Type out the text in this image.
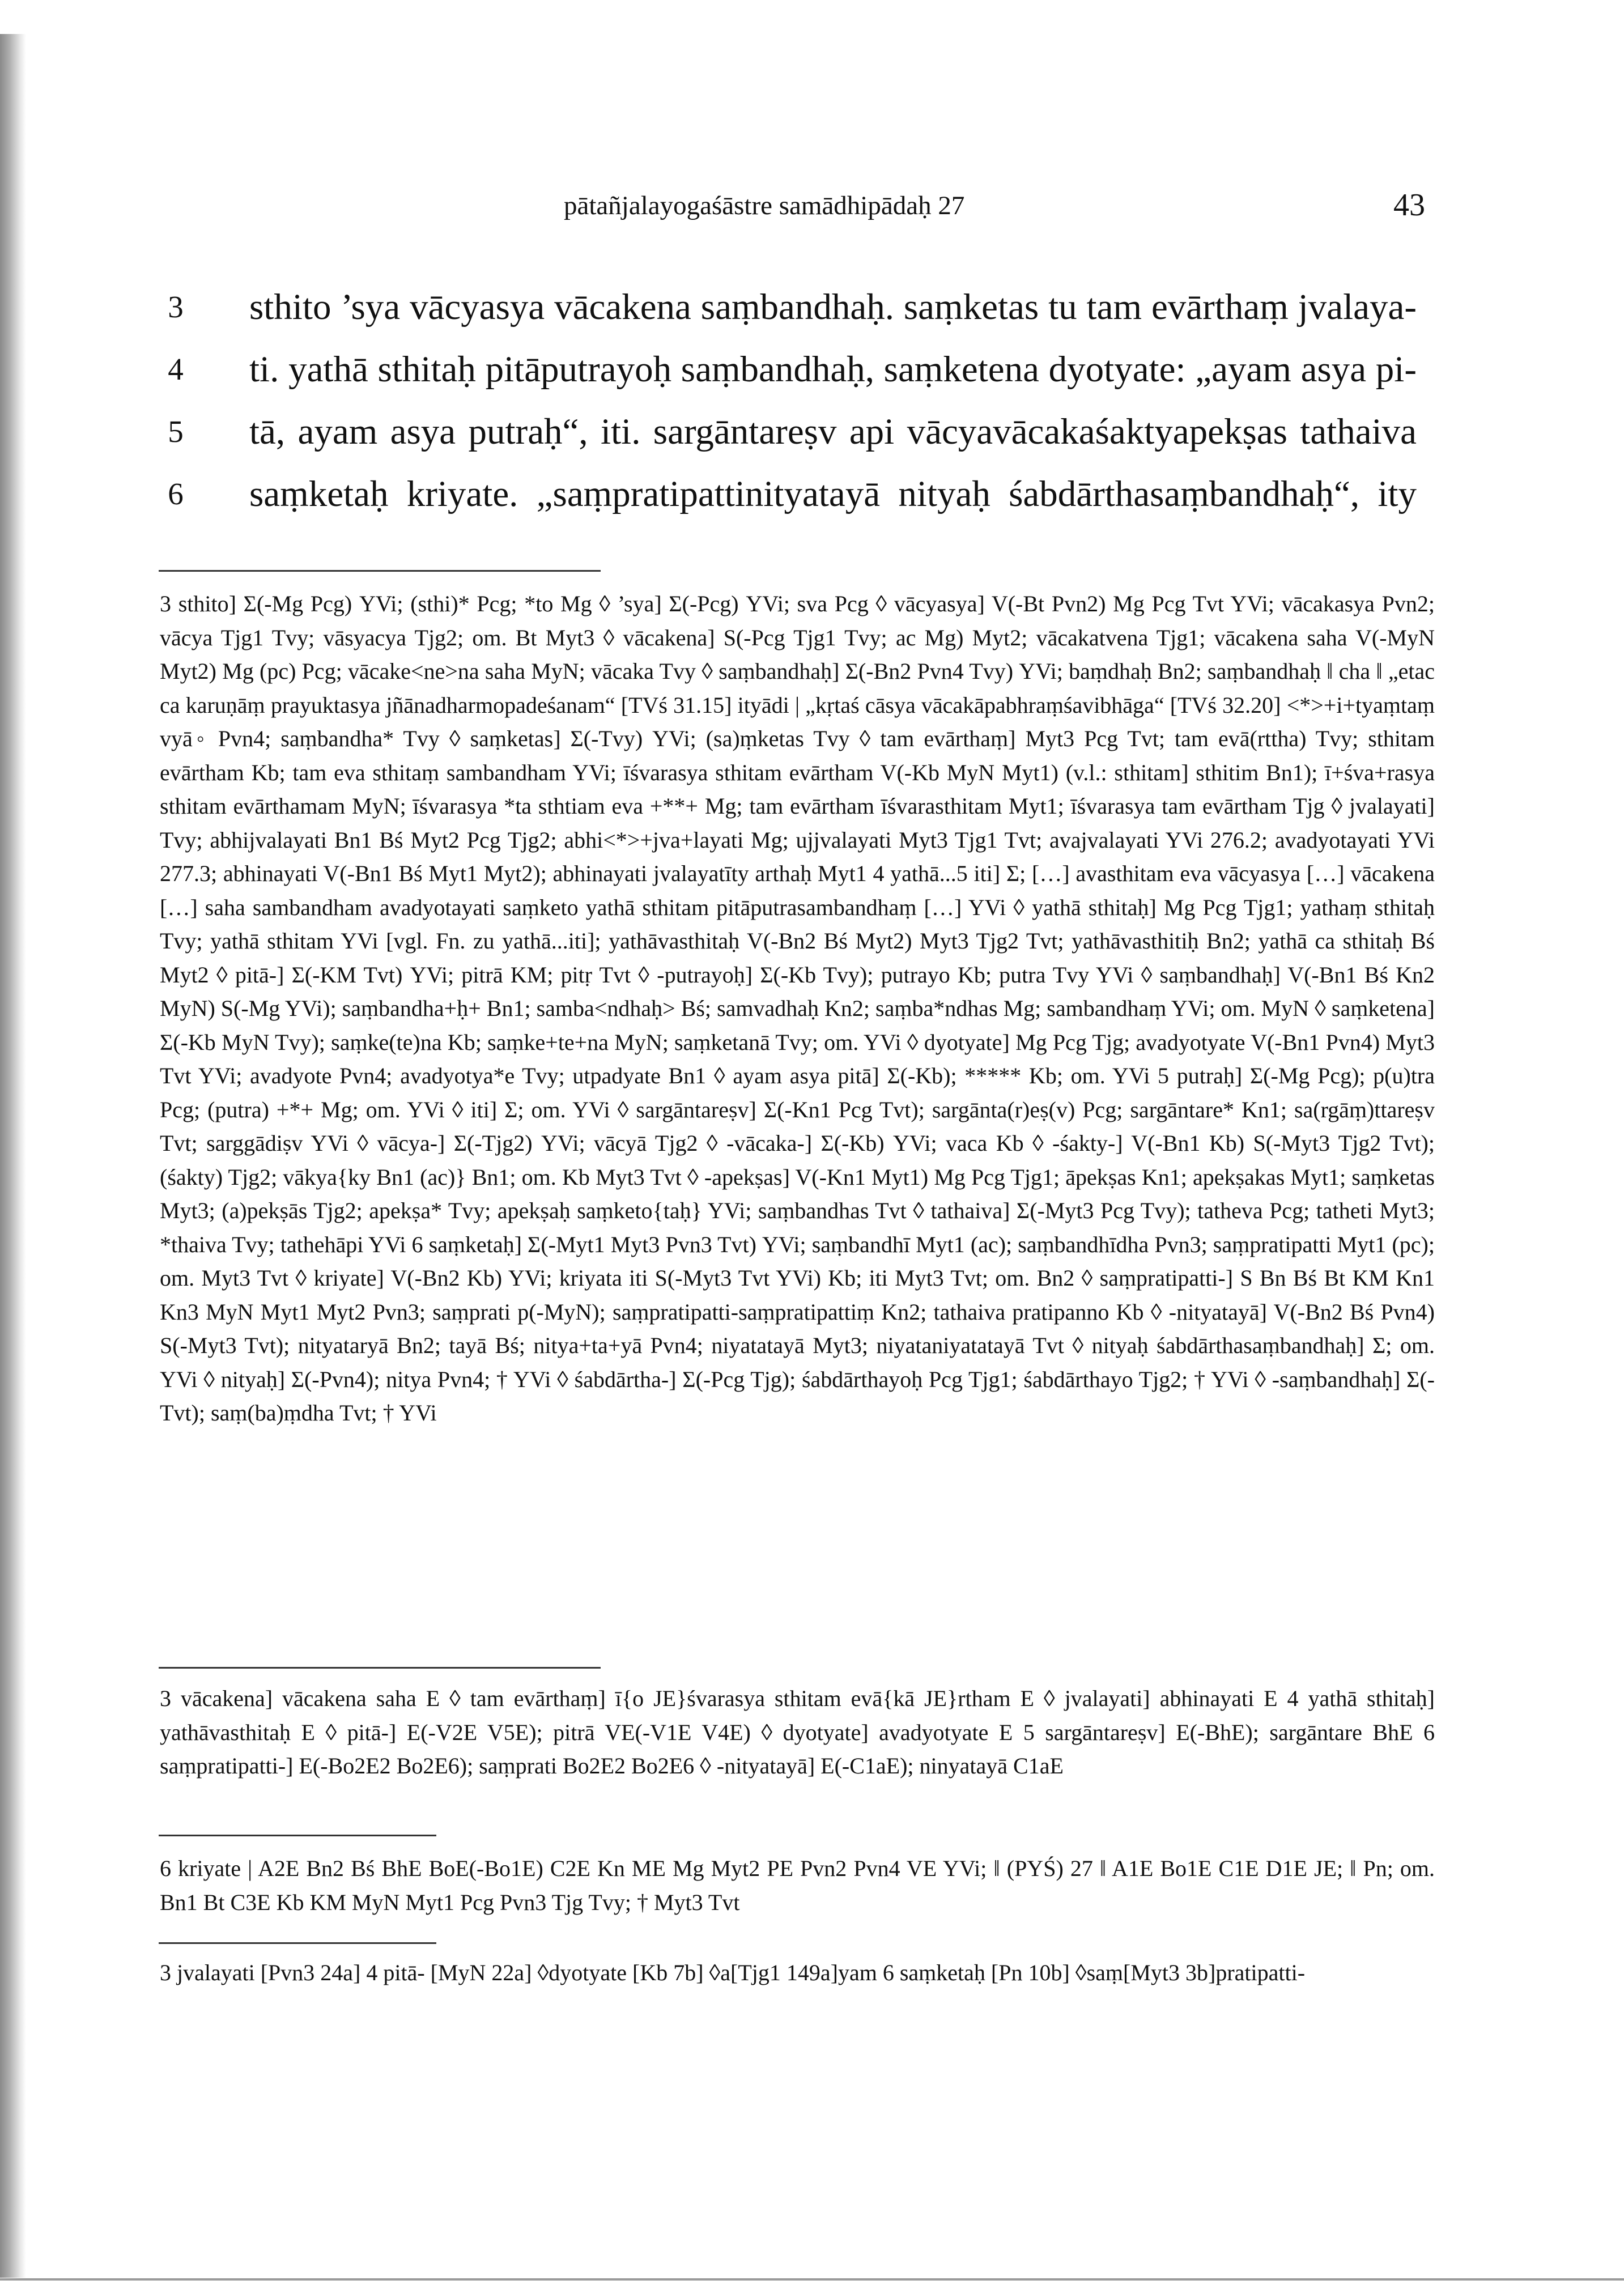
pātañjalayogaśāstre samādhipādaḥ 27	43
3 sthito ’sya vācyasya vācakena saṃbandhaḥ. saṃketas tu tam evārthaṃ jvalaya-
4 ti. yathā sthitaḥ pitāputrayoḥ saṃbandhaḥ, saṃketena dyotyate: „ayam asya pi-
5 tā, ayam asya putraḥ“, iti. sargāntareṣv api vācyavācakaśaktyapekṣas tathaiva
6 saṃketaḥ kriyate. „saṃpratipattinityatayā nityaḥ śabdārthasaṃbandhaḥ“, ity
3 sthito] Σ(-Mg Pcg) YVi; (sthi)* Pcg; *to Mg ◊ ’sya] Σ(-Pcg) YVi; sva Pcg ◊ vācyasya] V(-Bt Pvn2) Mg Pcg Tvt YVi; vācakasya Pvn2; vācya Tjg1 Tvy; vāsyacya Tjg2; om. Bt Myt3 ◊ vācakena] S(-Pcg Tjg1 Tvy; ac Mg) Myt2; vācakatvena Tjg1; vācakena saha V(-MyN Myt2) Mg (pc) Pcg; vācake<ne>na saha MyN; vācaka Tvy ◊ saṃbandhaḥ] Σ(-Bn2 Pvn4 Tvy) YVi; baṃdhaḥ Bn2; saṃbandhaḥ ‖ cha ‖ „etac ca karuṇāṃ prayuktasya jñānadharmopadeśanam“ [TVś 31.15] ityādi | „kṛtaś cāsya vācakāpabhraṃśavibhāga“ [TVś 32.20] <*>+i+tyaṃtaṃ vyā◦ Pvn4; saṃbandha* Tvy ◊ saṃketas] Σ(-Tvy) YVi; (sa)ṃketas Tvy ◊ tam evārthaṃ] Myt3 Pcg Tvt; tam evā(rttha) Tvy; sthitam evārtham Kb; tam eva sthitaṃ sambandham YVi; īśvarasya sthitam evārtham V(-Kb MyN Myt1) (v.l.: sthitam] sthitim Bn1); ī+śva+rasya sthitam evārthamam MyN; īśvarasya *ta sthtiam eva +**+ Mg; tam evārtham īśvarasthitam Myt1; īśvarasya tam evārtham Tjg ◊ jvalayati] Tvy; abhijvalayati Bn1 Bś Myt2 Pcg Tjg2; abhi<*>+jva+layati Mg; ujjvalayati Myt3 Tjg1 Tvt; avajvalayati YVi 276.2; avadyotayati YVi 277.3; abhinayati V(-Bn1 Bś Myt1 Myt2); abhinayati jvalayatīty arthaḥ Myt1 4 yathā...5 iti] Σ; […] avasthitam eva vācyasya […] vācakena […] saha sambandham avadyotayati saṃketo yathā sthitam pitāputrasambandhaṃ […] YVi ◊ yathā sthitaḥ] Mg Pcg Tjg1; yathaṃ sthitaḥ Tvy; yathā sthitam YVi [vgl. Fn. zu yathā...iti]; yathāvasthitaḥ V(-Bn2 Bś Myt2) Myt3 Tjg2 Tvt; yathāvasthitiḥ Bn2; yathā ca sthitaḥ Bś Myt2 ◊ pitā-] Σ(-KM Tvt) YVi; pitrā KM; pitṛ Tvt ◊ -putrayoḥ] Σ(-Kb Tvy); putrayo Kb; putra Tvy YVi ◊ saṃbandhaḥ] V(-Bn1 Bś Kn2 MyN) S(-Mg YVi); saṃbandha+ḥ+ Bn1; samba<ndhaḥ> Bś; samvadhaḥ Kn2; saṃba*ndhas Mg; sambandhaṃ YVi; om. MyN ◊ saṃketena] Σ(-Kb MyN Tvy); saṃke(te)na Kb; saṃke+te+na MyN; saṃketanā Tvy; om. YVi ◊ dyotyate] Mg Pcg Tjg; avadyotyate V(-Bn1 Pvn4) Myt3 Tvt YVi; avadyote Pvn4; avadyotya*e Tvy; utpadyate Bn1 ◊ ayam asya pitā] Σ(-Kb); ***** Kb; om. YVi 5 putraḥ] Σ(-Mg Pcg); p(u)tra Pcg; (putra) +*+ Mg; om. YVi ◊ iti] Σ; om. YVi ◊ sargāntareṣv] Σ(-Kn1 Pcg Tvt); sargānta(r)eṣ(v) Pcg; sargāntare* Kn1; sa(rgāṃ)ttareṣv Tvt; sarggādiṣv YVi ◊ vācya-] Σ(-Tjg2) YVi; vācyā Tjg2 ◊ -vācaka-] Σ(-Kb) YVi; vaca Kb ◊ -śakty-] V(-Bn1 Kb) S(-Myt3 Tjg2 Tvt); (śakty) Tjg2; vākya{ky Bn1 (ac)} Bn1; om. Kb Myt3 Tvt ◊ -apekṣas] V(-Kn1 Myt1) Mg Pcg Tjg1; āpekṣas Kn1; apekṣakas Myt1; saṃketas Myt3; (a)pekṣās Tjg2; apekṣa* Tvy; apekṣaḥ saṃketo{taḥ} YVi; saṃbandhas Tvt ◊ tathaiva] Σ(-Myt3 Pcg Tvy); tatheva Pcg; tatheti Myt3; *thaiva Tvy; tathehāpi YVi 6 saṃketaḥ] Σ(-Myt1 Myt3 Pvn3 Tvt) YVi; saṃbandhī Myt1 (ac); saṃbandhīdha Pvn3; saṃpratipatti Myt1 (pc); om. Myt3 Tvt ◊ kriyate] V(-Bn2 Kb) YVi; kriyata iti S(-Myt3 Tvt YVi) Kb; iti Myt3 Tvt; om. Bn2 ◊ saṃpratipatti-] S Bn Bś Bt KM Kn1 Kn3 MyN Myt1 Myt2 Pvn3; saṃprati p(-MyN); saṃpratipatti-saṃpratipattiṃ Kn2; tathaiva pratipanno Kb ◊ -nityatayā] V(-Bn2 Bś Pvn4) S(-Myt3 Tvt); nityataryā Bn2; tayā Bś; nitya+ta+yā Pvn4; niyatatayā Myt3; niyataniyatatayā Tvt ◊ nityaḥ śabdārthasaṃbandhaḥ] Σ; om. YVi ◊ nityaḥ] Σ(-Pvn4); nitya Pvn4; † YVi ◊ śabdārtha-] Σ(-Pcg Tjg); śabdārthayoḥ Pcg Tjg1; śabdārthayo Tjg2; † YVi ◊ -saṃbandhaḥ] Σ(-Tvt); saṃ(ba)ṃdha Tvt; † YVi
3 vācakena] vācakena saha E ◊ tam evārthaṃ] ī{o JE}śvarasya sthitam evā{kā JE}rtham E ◊ jvalayati] abhinayati E 4 yathā sthitaḥ] yathāvasthitaḥ E ◊ pitā-] E(-V2E V5E); pitrā VE(-V1E V4E) ◊ dyotyate] avadyotyate E 5 sargāntareṣv] E(-BhE); sargāntare BhE 6 saṃpratipatti-] E(-Bo2E2 Bo2E6); saṃprati Bo2E2 Bo2E6 ◊ -nityatayā] E(-C1aE); ninyatayā C1aE
6 kriyate | A2E Bn2 Bś BhE BoE(-Bo1E) C2E Kn ME Mg Myt2 PE Pvn2 Pvn4 VE YVi; ‖ (PYŚ) 27 ‖ A1E Bo1E C1E D1E JE; ‖ Pn; om. Bn1 Bt C3E Kb KM MyN Myt1 Pcg Pvn3 Tjg Tvy; † Myt3 Tvt
3 jvalayati [Pvn3 24a] 4 pitā- [MyN 22a] ◊dyotyate [Kb 7b] ◊a[Tjg1 149a]yam 6 saṃketaḥ [Pn 10b] ◊saṃ[Myt3 3b]pratipatti-
